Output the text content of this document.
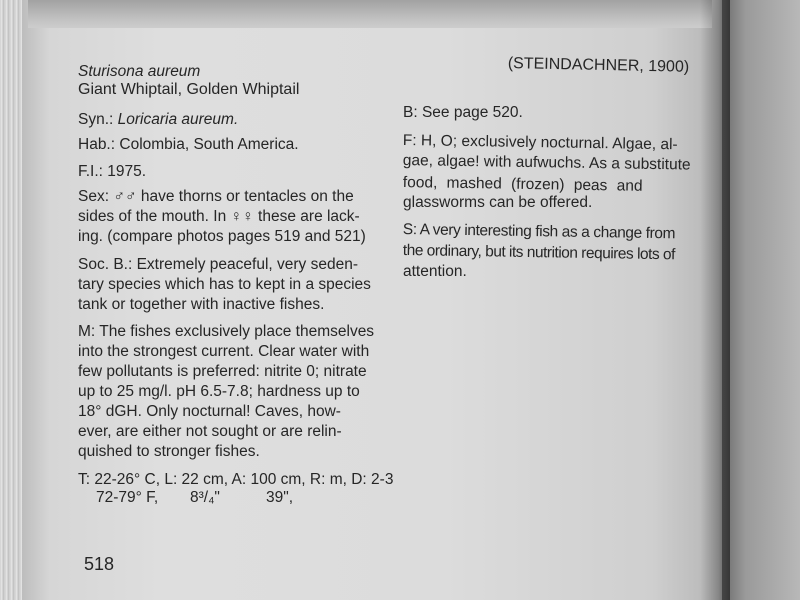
Sturisona aureum
Giant Whiptail, Golden Whiptail
Syn.: Loricaria aureum.
Hab.: Colombia, South America.
F.I.: 1975.
Sex: ♂♂ have thorns or tentacles on the
sides of the mouth. In ♀♀ these are lack-
ing. (compare photos pages 519 and 521)
Soc. B.: Extremely peaceful, very seden-
tary species which has to kept in a species
tank or together with inactive fishes.
M: The fishes exclusively place themselves
into the strongest current. Clear water with
few pollutants is preferred: nitrite 0; nitrate
up to 25 mg/l. pH 6.5-7.8; hardness up to
18° dGH. Only nocturnal! Caves, how-
ever, are either not sought or are relin-
quished to stronger fishes.
T: 22-26° C, L: 22 cm, A: 100 cm, R: m, D: 2-3
72-79° F, 8³/₄"	39",
518
(STEINDACHNER, 1900)
B: See page 520.
F: H, O; exclusively nocturnal. Algae, al-
gae, algae! with aufwuchs. As a substitute
food, mashed (frozen) peas and
glassworms can be offered.
S: A very interesting fish as a change from
the ordinary, but its nutrition requires lots of
attention.
